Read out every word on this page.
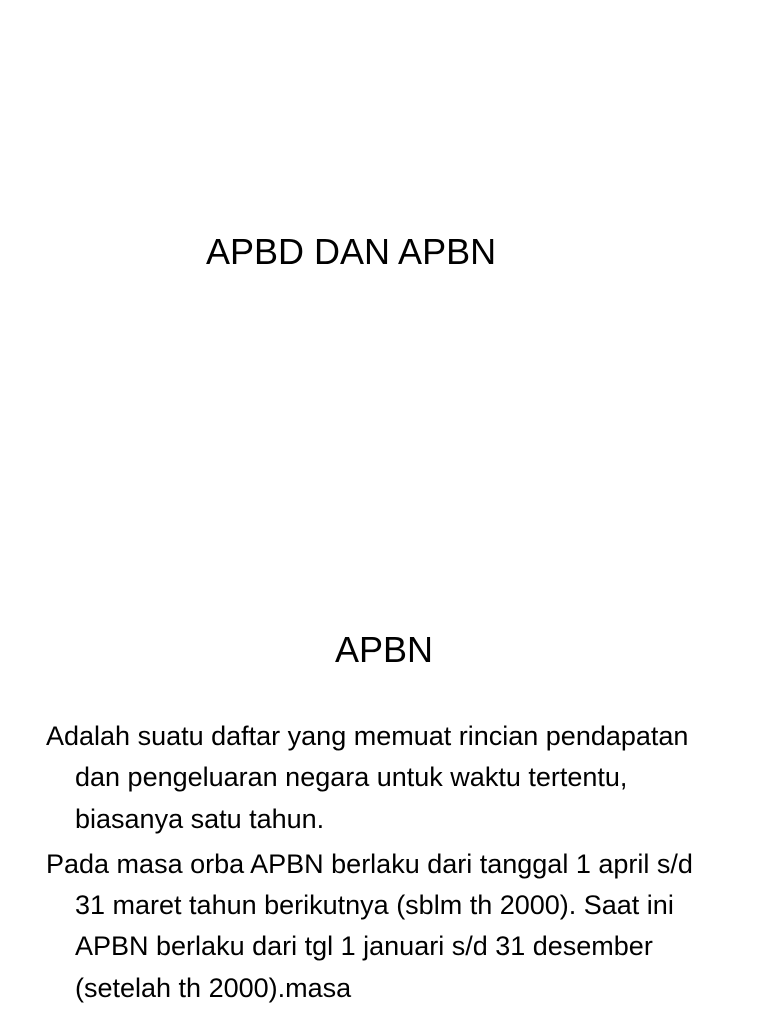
APBD DAN APBN
APBN

Adalah suatu daftar yang memuat rincian pendapatan dan pengeluaran negara untuk waktu tertentu, biasanya satu tahun.

Pada masa orba APBN berlaku dari tanggal 1 april s/d 31 maret tahun berikutnya (sblm th 2000). Saat ini APBN berlaku dari tgl 1 januari s/d 31 desember (setelah th 2000).masa
